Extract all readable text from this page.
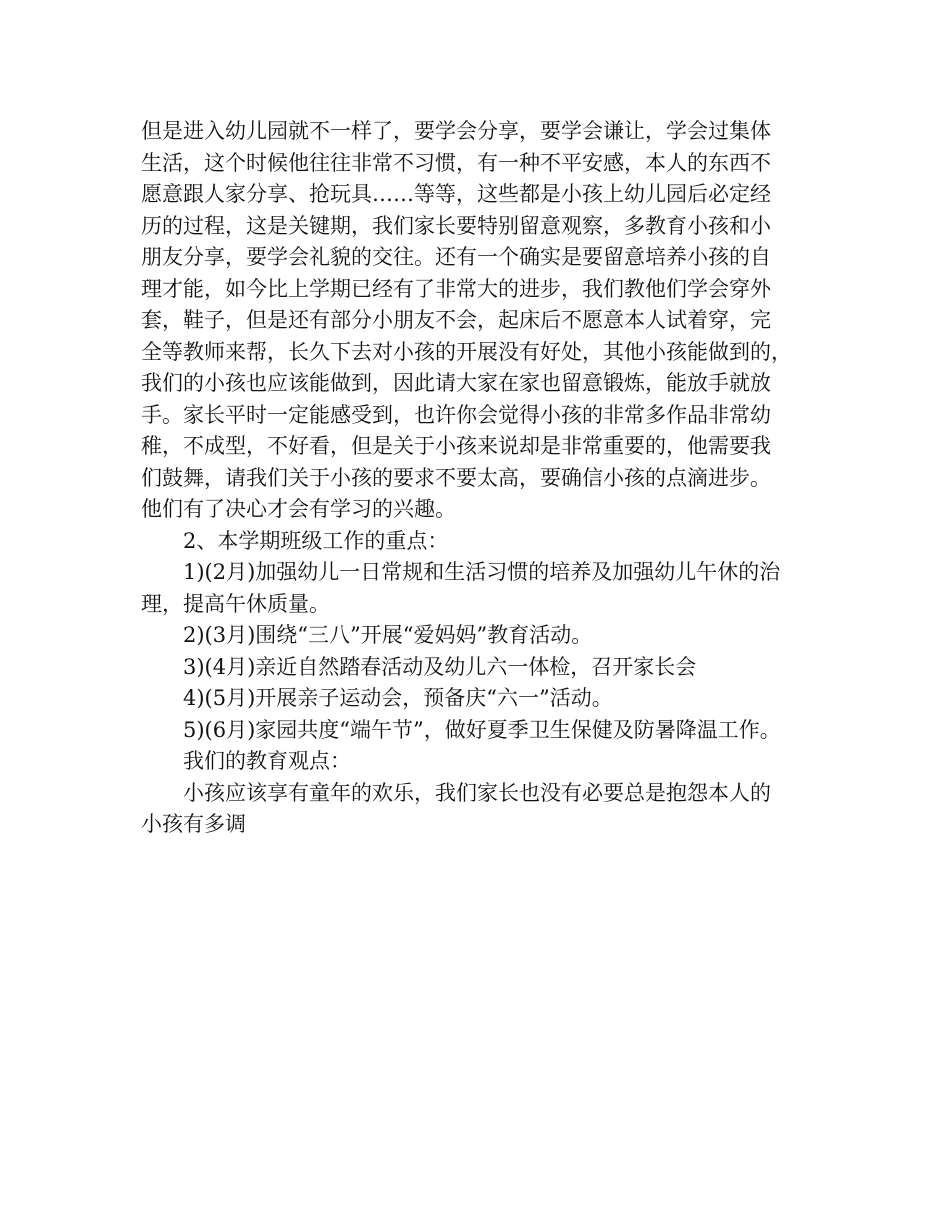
但是进入幼儿园就不一样了，要学会分享，要学会谦让，学会过集体
生活，这个时候他往往非常不习惯，有一种不平安感，本人的东西不
愿意跟人家分享、抢玩具……等等，这些都是小孩上幼儿园后必定经
历的过程，这是关键期，我们家长要特别留意观察，多教育小孩和小
朋友分享，要学会礼貌的交往。还有一个确实是要留意培养小孩的自
理才能，如今比上学期已经有了非常大的进步，我们教他们学会穿外
套，鞋子，但是还有部分小朋友不会，起床后不愿意本人试着穿，完
全等教师来帮，长久下去对小孩的开展没有好处，其他小孩能做到的，
我们的小孩也应该能做到，因此请大家在家也留意锻炼，能放手就放
手。家长平时一定能感受到，也许你会觉得小孩的非常多作品非常幼
稚，不成型，不好看，但是关于小孩来说却是非常重要的，他需要我
们鼓舞，请我们关于小孩的要求不要太高，要确信小孩的点滴进步。
他们有了决心才会有学习的兴趣。
2、本学期班级工作的重点：
1)(2月)加强幼儿一日常规和生活习惯的培养及加强幼儿午休的治
理，提高午休质量。
2)(3月)围绕“三八”开展“爱妈妈”教育活动。
3)(4月)亲近自然踏春活动及幼儿六一体检，召开家长会
4)(5月)开展亲子运动会，预备庆“六一”活动。
5)(6月)家园共度“端午节”，做好夏季卫生保健及防暑降温工作。
我们的教育观点：
小孩应该享有童年的欢乐，我们家长也没有必要总是抱怨本人的
小孩有多调
